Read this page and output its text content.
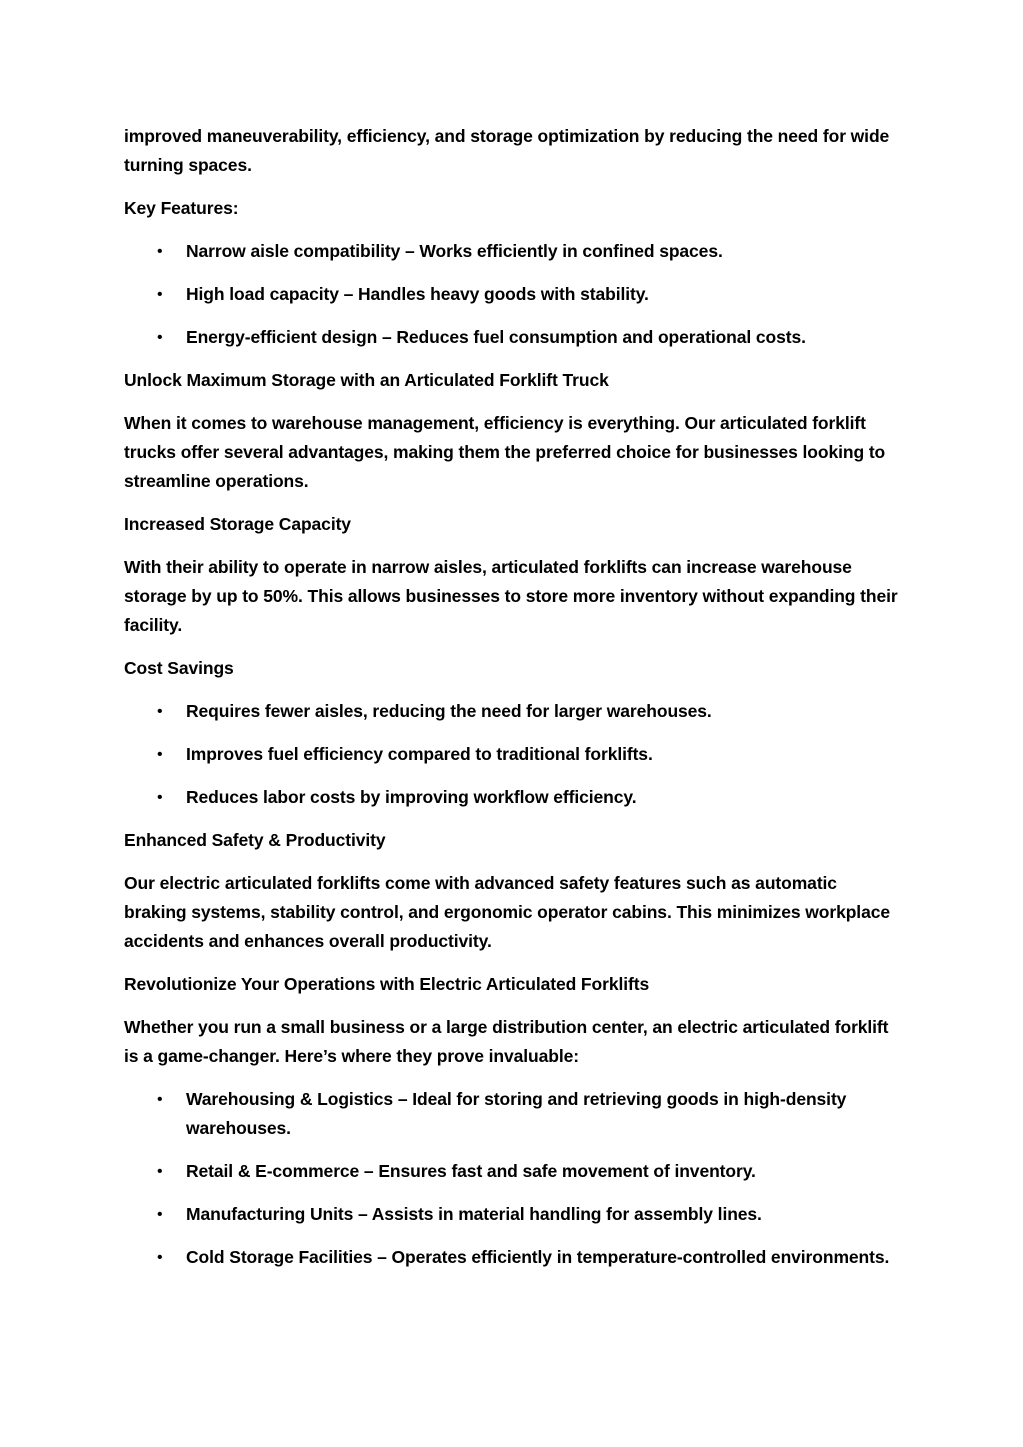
improved maneuverability, efficiency, and storage optimization by reducing the need for wide turning spaces.

Key Features:

• Narrow aisle compatibility – Works efficiently in confined spaces.
• High load capacity – Handles heavy goods with stability.
• Energy-efficient design – Reduces fuel consumption and operational costs.

Unlock Maximum Storage with an Articulated Forklift Truck

When it comes to warehouse management, efficiency is everything. Our articulated forklift trucks offer several advantages, making them the preferred choice for businesses looking to streamline operations.

Increased Storage Capacity

With their ability to operate in narrow aisles, articulated forklifts can increase warehouse storage by up to 50%. This allows businesses to store more inventory without expanding their facility.

Cost Savings

• Requires fewer aisles, reducing the need for larger warehouses.
• Improves fuel efficiency compared to traditional forklifts.
• Reduces labor costs by improving workflow efficiency.

Enhanced Safety & Productivity

Our electric articulated forklifts come with advanced safety features such as automatic braking systems, stability control, and ergonomic operator cabins. This minimizes workplace accidents and enhances overall productivity.

Revolutionize Your Operations with Electric Articulated Forklifts

Whether you run a small business or a large distribution center, an electric articulated forklift is a game-changer. Here’s where they prove invaluable:

• Warehousing & Logistics – Ideal for storing and retrieving goods in high-density warehouses.
• Retail & E-commerce – Ensures fast and safe movement of inventory.
• Manufacturing Units – Assists in material handling for assembly lines.
• Cold Storage Facilities – Operates efficiently in temperature-controlled environments.
